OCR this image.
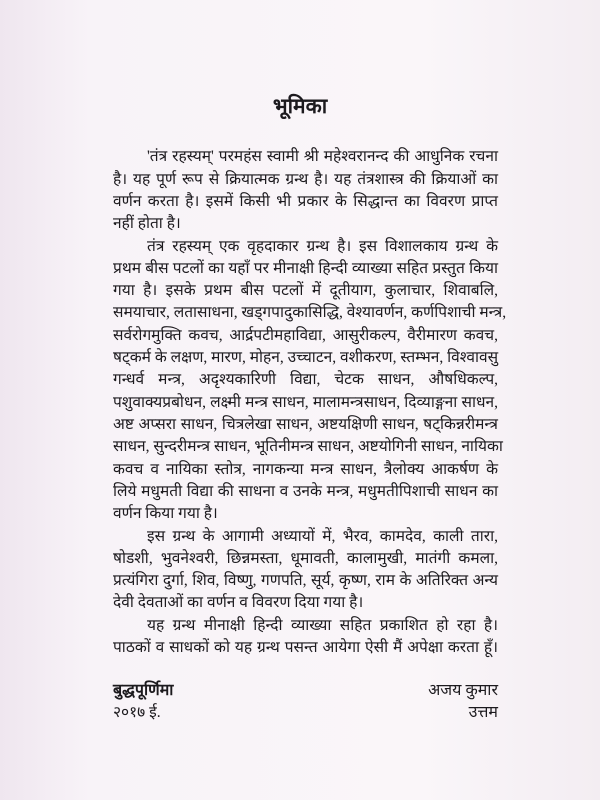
भूमिका
'तंत्र रहस्यम्' परमहंस स्वामी श्री महेश्वरानन्द की आधुनिक रचना
है। यह पूर्ण रूप से क्रियात्मक ग्रन्थ है। यह तंत्रशास्त्र की क्रियाओं का
वर्णन करता है। इसमें किसी भी प्रकार के सिद्धान्त का विवरण प्राप्त
नहीं होता है।
तंत्र रहस्यम् एक वृहदाकार ग्रन्थ है। इस विशालकाय ग्रन्थ के
प्रथम बीस पटलों का यहाँ पर मीनाक्षी हिन्दी व्याख्या सहित प्रस्तुत किया
गया है। इसके प्रथम बीस पटलों में दूतीयाग, कुलाचार, शिवाबलि,
समयाचार, लतासाधना, खड्गपादुकासिद्धि, वेश्यावर्णन, कर्णपिशाची मन्त्र,
सर्वरोगमुक्ति कवच, आर्द्रपटीमहाविद्या, आसुरीकल्प, वैरीमारण कवच,
षट्कर्म के लक्षण, मारण, मोहन, उच्चाटन, वशीकरण, स्तम्भन, विश्वावसु
गन्धर्व मन्त्र, अदृश्यकारिणी विद्या, चेटक साधन, औषधिकल्प,
पशुवाक्यप्रबोधन, लक्ष्मी मन्त्र साधन, मालामन्त्रसाधन, दिव्याङ्गना साधन,
अष्ट अप्सरा साधन, चित्रलेखा साधन, अष्टयक्षिणी साधन, षट्किन्नरीमन्त्र
साधन, सुन्दरीमन्त्र साधन, भूतिनीमन्त्र साधन, अष्टयोगिनी साधन, नायिका
कवच व नायिका स्तोत्र, नागकन्या मन्त्र साधन, त्रैलोक्य आकर्षण के
लिये मधुमती विद्या की साधना व उनके मन्त्र, मधुमतीपिशाची साधन का
वर्णन किया गया है।
इस ग्रन्थ के आगामी अध्यायों में, भैरव, कामदेव, काली तारा,
षोडशी, भुवनेश्वरी, छिन्नमस्ता, धूमावती, कालामुखी, मातंगी कमला,
प्रत्यंगिरा दुर्गा, शिव, विष्णु, गणपति, सूर्य, कृष्ण, राम के अतिरिक्त अन्य
देवी देवताओं का वर्णन व विवरण दिया गया है।
यह ग्रन्थ मीनाक्षी हिन्दी व्याख्या सहित प्रकाशित हो रहा है।
पाठकों व साधकों को यह ग्रन्थ पसन्त आयेगा ऐसी मैं अपेक्षा करता हूँ।
बुद्धपूर्णिमा	अजय कुमार उत्तम
२०१७ ई.
